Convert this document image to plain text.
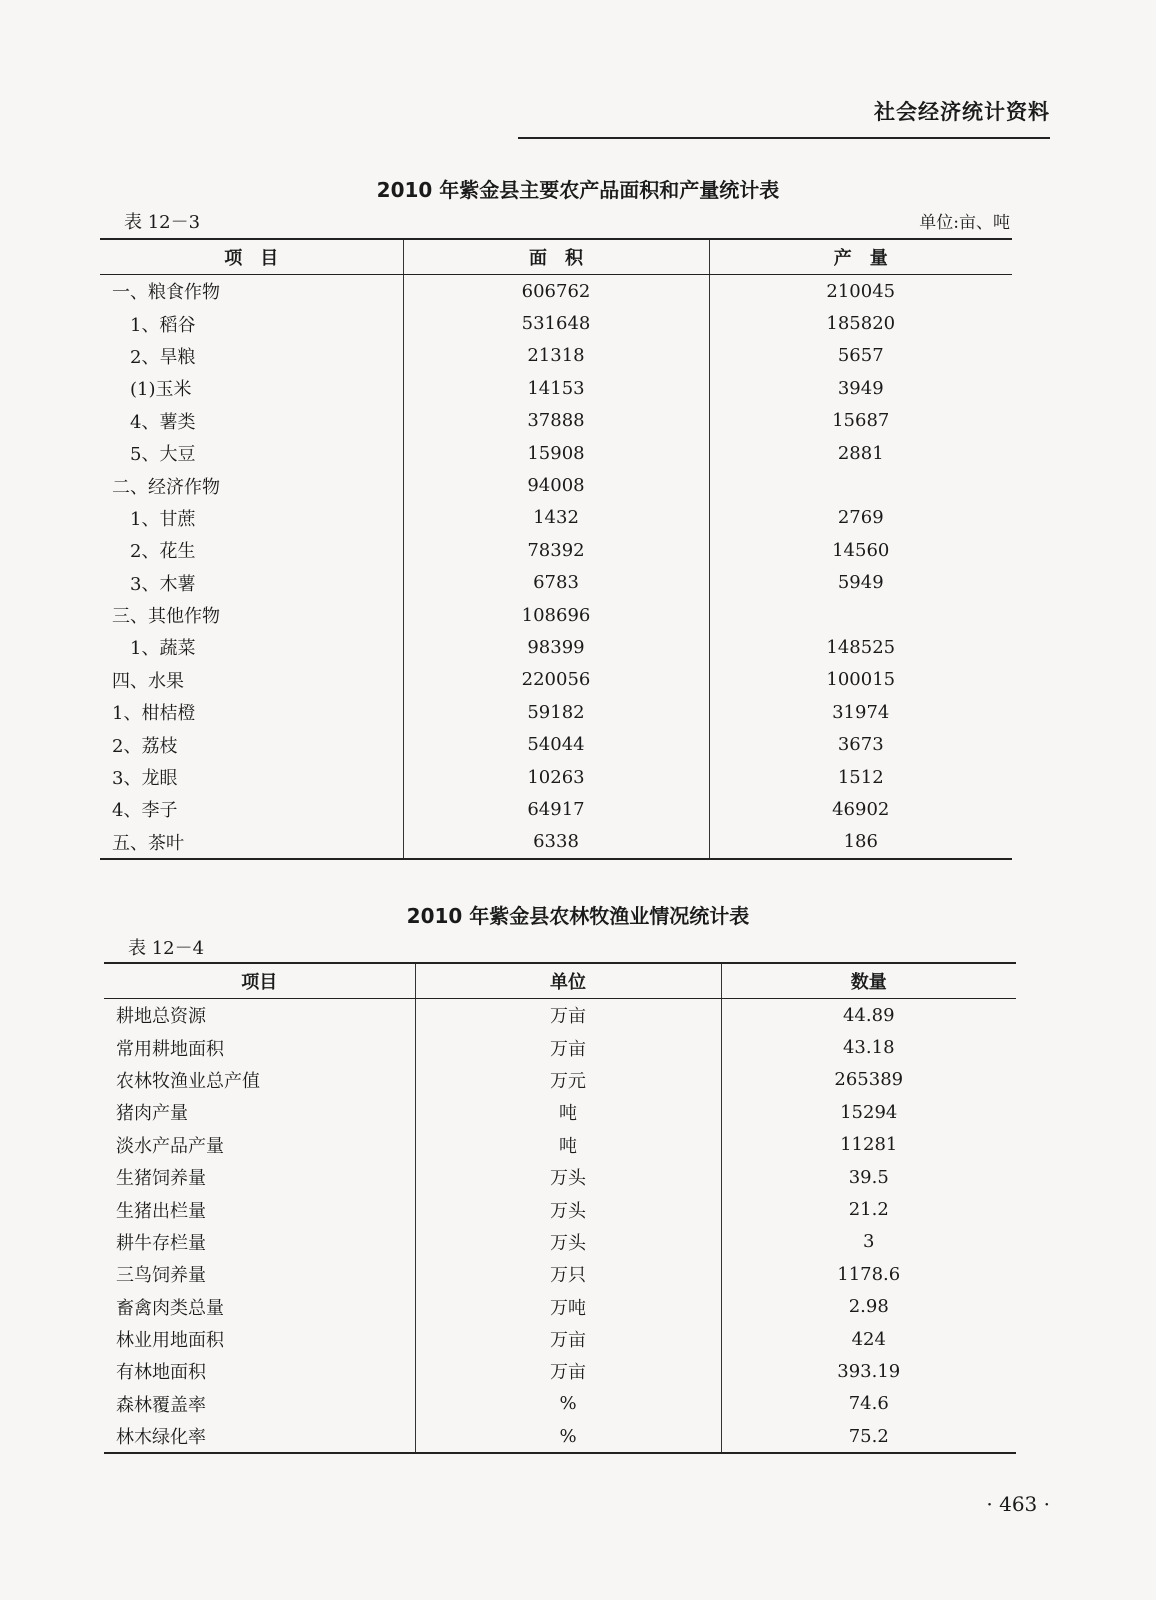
社会经济统计资料
2010 年紫金县主要农产品面积和产量统计表
表 12－3	单位:亩、吨
项　目	面　积	产　量
一、粮食作物	606762	210045
1、稻谷	531648	185820
2、旱粮	21318	5657
(1)玉米	14153	3949
4、薯类	37888	15687
5、大豆	15908	2881
二、经济作物	94008	
1、甘蔗	1432	2769
2、花生	78392	14560
3、木薯	6783	5949
三、其他作物	108696	
1、蔬菜	98399	148525
四、水果	220056	100015
1、柑桔橙	59182	31974
2、荔枝	54044	3673
3、龙眼	10263	1512
4、李子	64917	46902
五、茶叶	6338	186
2010 年紫金县农林牧渔业情况统计表
表 12－4
项目	单位	数量
耕地总资源	万亩	44.89
常用耕地面积	万亩	43.18
农林牧渔业总产值	万元	265389
猪肉产量	吨	15294
淡水产品产量	吨	11281
生猪饲养量	万头	39.5
生猪出栏量	万头	21.2
耕牛存栏量	万头	3
三鸟饲养量	万只	1178.6
畜禽肉类总量	万吨	2.98
林业用地面积	万亩	424
有林地面积	万亩	393.19
森林覆盖率	%	74.6
林木绿化率	%	75.2
· 463 ·
